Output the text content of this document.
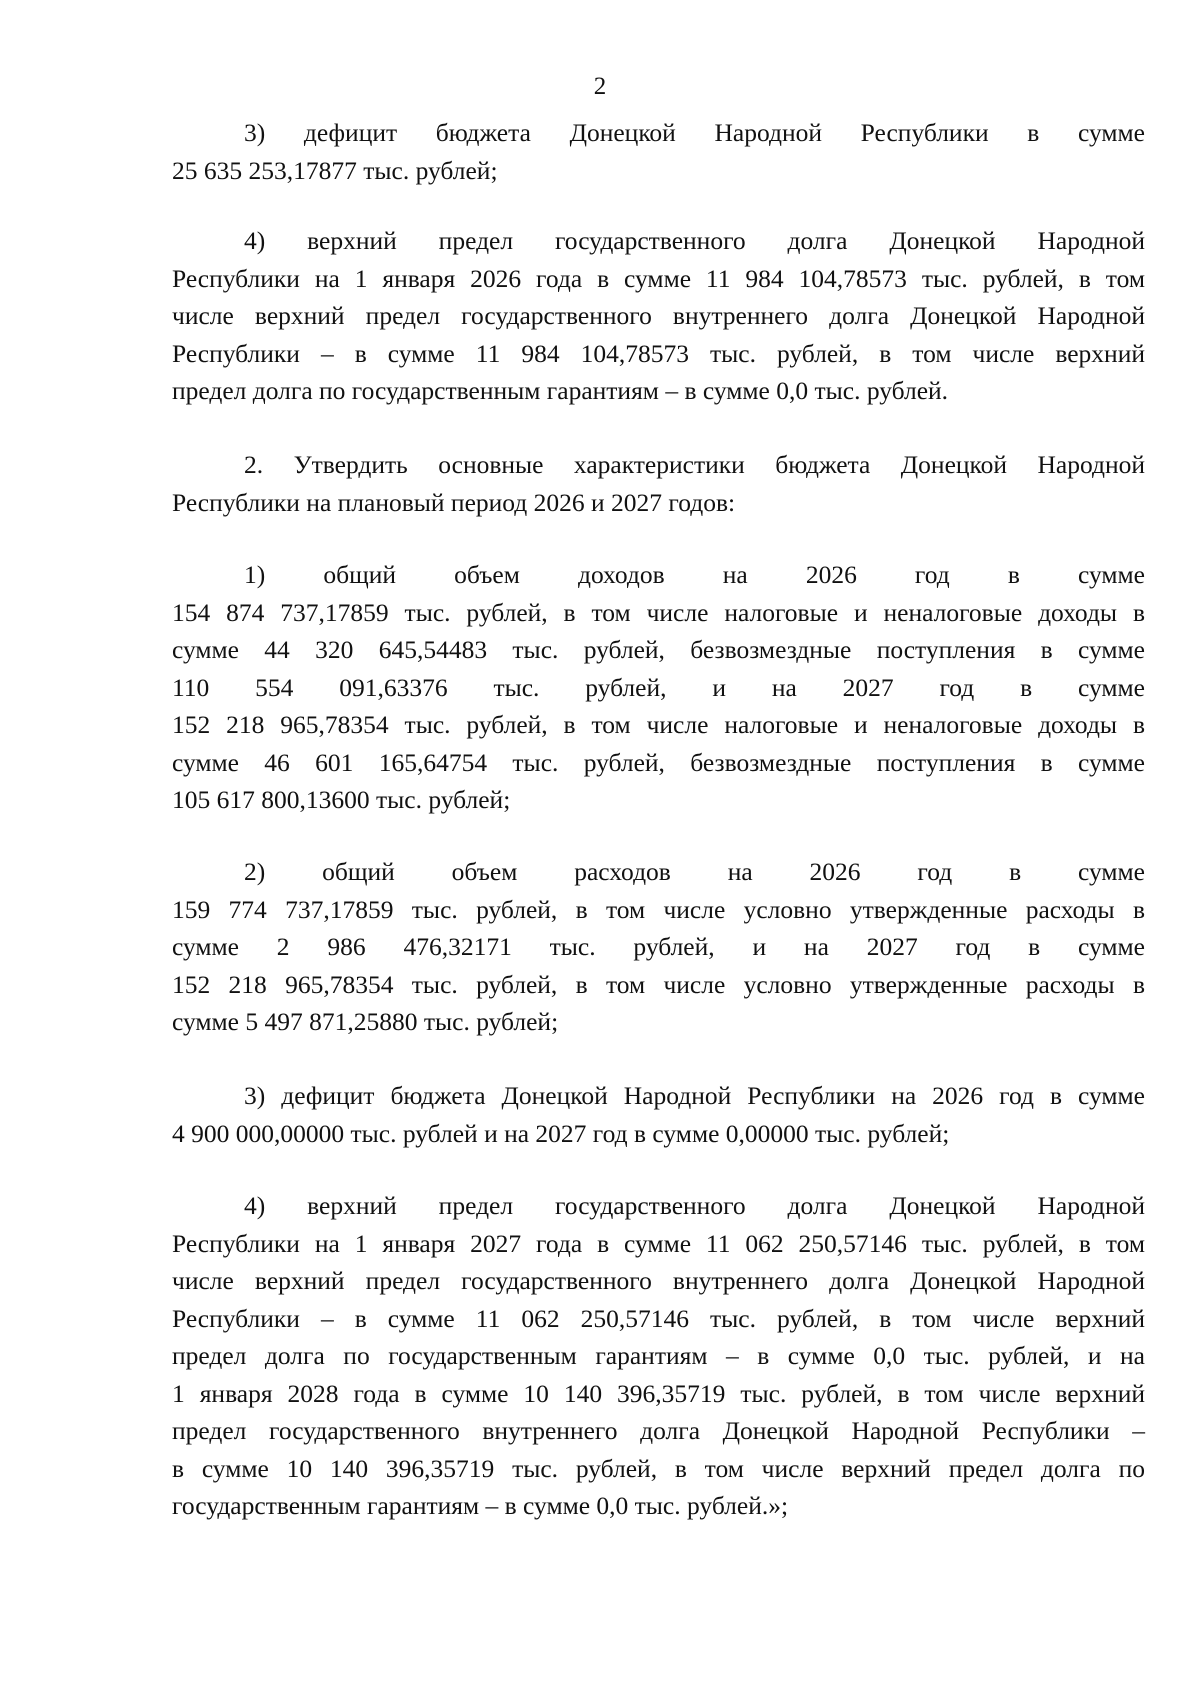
2
3) дефицит бюджета Донецкой Народной Республики в сумме
25 635 253,17877 тыс. рублей;
4) верхний предел государственного долга Донецкой Народной
Республики на 1 января 2026 года в сумме 11 984 104,78573 тыс. рублей, в том
числе верхний предел государственного внутреннего долга Донецкой Народной
Республики – в сумме 11 984 104,78573 тыс. рублей, в том числе верхний
предел долга по государственным гарантиям – в сумме 0,0 тыс. рублей.
2. Утвердить основные характеристики бюджета Донецкой Народной
Республики на плановый период 2026 и 2027 годов:
1) общий объем доходов на 2026 год в сумме
154 874 737,17859 тыс. рублей, в том числе налоговые и неналоговые доходы в
сумме 44 320 645,54483 тыс. рублей, безвозмездные поступления в сумме
110 554 091,63376 тыс. рублей, и на 2027 год в сумме
152 218 965,78354 тыс. рублей, в том числе налоговые и неналоговые доходы в
сумме 46 601 165,64754 тыс. рублей, безвозмездные поступления в сумме
105 617 800,13600 тыс. рублей;
2) общий объем расходов на 2026 год в сумме
159 774 737,17859 тыс. рублей, в том числе условно утвержденные расходы в
сумме 2 986 476,32171 тыс. рублей, и на 2027 год в сумме
152 218 965,78354 тыс. рублей, в том числе условно утвержденные расходы в
сумме 5 497 871,25880 тыс. рублей;
3) дефицит бюджета Донецкой Народной Республики на 2026 год в сумме
4 900 000,00000 тыс. рублей и на 2027 год в сумме 0,00000 тыс. рублей;
4) верхний предел государственного долга Донецкой Народной
Республики на 1 января 2027 года в сумме 11 062 250,57146 тыс. рублей, в том
числе верхний предел государственного внутреннего долга Донецкой Народной
Республики – в сумме 11 062 250,57146 тыс. рублей, в том числе верхний
предел долга по государственным гарантиям – в сумме 0,0 тыс. рублей, и на
1 января 2028 года в сумме 10 140 396,35719 тыс. рублей, в том числе верхний
предел государственного внутреннего долга Донецкой Народной Республики –
в сумме 10 140 396,35719 тыс. рублей, в том числе верхний предел долга по
государственным гарантиям – в сумме 0,0 тыс. рублей.»;
